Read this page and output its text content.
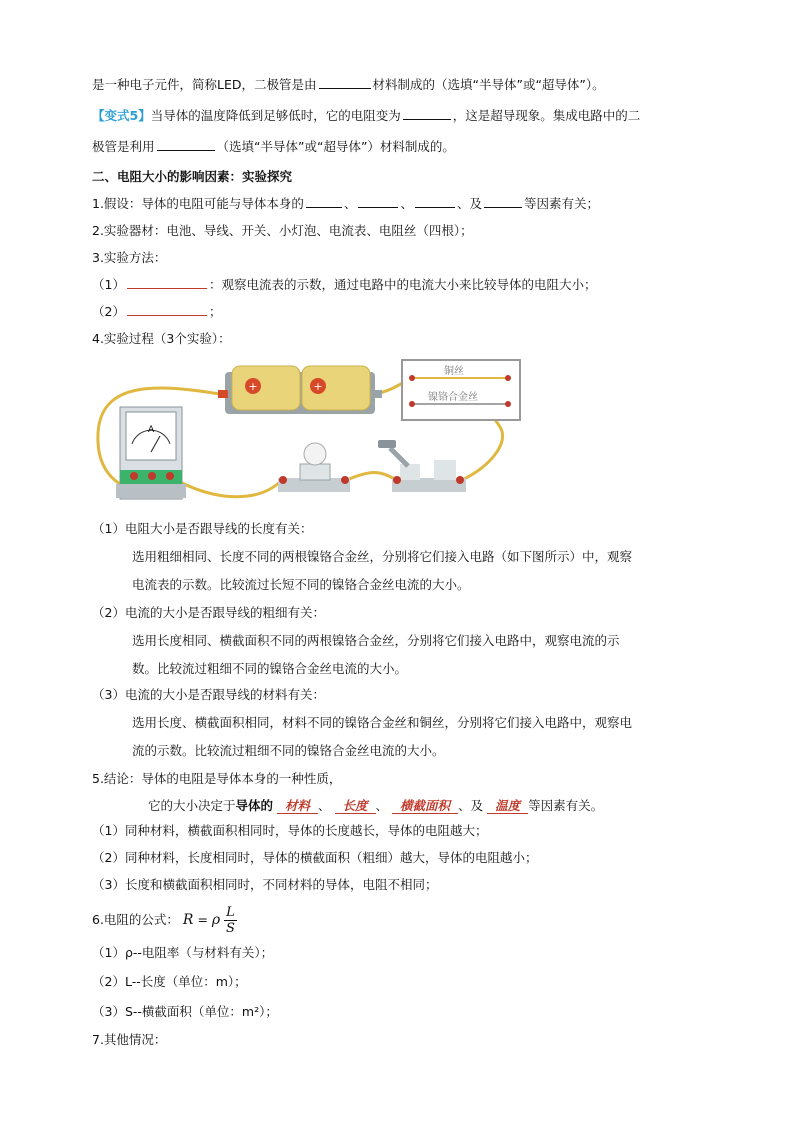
是一种电子元件，简称LED，二极管是由	材料制成的（选填“半导体”或“超导体”）。
【变式5】当导体的温度降低到足够低时，它的电阻变为	，这是超导现象。集成电路中的二
极管是利用	（选填“半导体”或“超导体”）材料制成的。
二、电阻大小的影响因素：实验探究
1.假设：导体的电阻可能与导体本身的	、	、	、及	等因素有关；
2.实验器材：电池、导线、开关、小灯泡、电流表、电阻丝（四根）；
3.实验方法：
（1）	：观察电流表的示数，通过电路中的电流大小来比较导体的电阻大小；
（2）	；
4.实验过程（3个实验）：
+	+
铜丝
镍铬合金丝
A
（1）电阻大小是否跟导线的长度有关：
选用粗细相同、长度不同的两根镍铬合金丝，分别将它们接入电路（如下图所示）中，观察
电流表的示数。比较流过长短不同的镍铬合金丝电流的大小。
（2）电流的大小是否跟导线的粗细有关：
选用长度相同、横截面积不同的两根镍铬合金丝，分别将它们接入电路中，观察电流的示
数。比较流过粗细不同的镍铬合金丝电流的大小。
（3）电流的大小是否跟导线的材料有关：
选用长度、横截面积相同，材料不同的镍铬合金丝和铜丝，分别将它们接入电路中，观察电
流的示数。比较流过粗细不同的镍铬合金丝电流的大小。
5.结论：导体的电阻是导体本身的一种性质，
它的大小决定于导体的 材料 、 长度 、 横截面积 、及 温度 等因素有关。
（1）同种材料，横截面积相同时，导体的长度越长，导体的电阻越大；
（2）同种材料，长度相同时，导体的横截面积（粗细）越大，导体的电阻越小；
（3）长度和横截面积相同时，不同材料的导体，电阻不相同；
6.电阻的公式： R = ρ $\frac{L}{S}$
（1）ρ--电阻率（与材料有关）；
（2）L--长度（单位：m）；
（3）S--横截面积（单位：m²）；
7.其他情况：
